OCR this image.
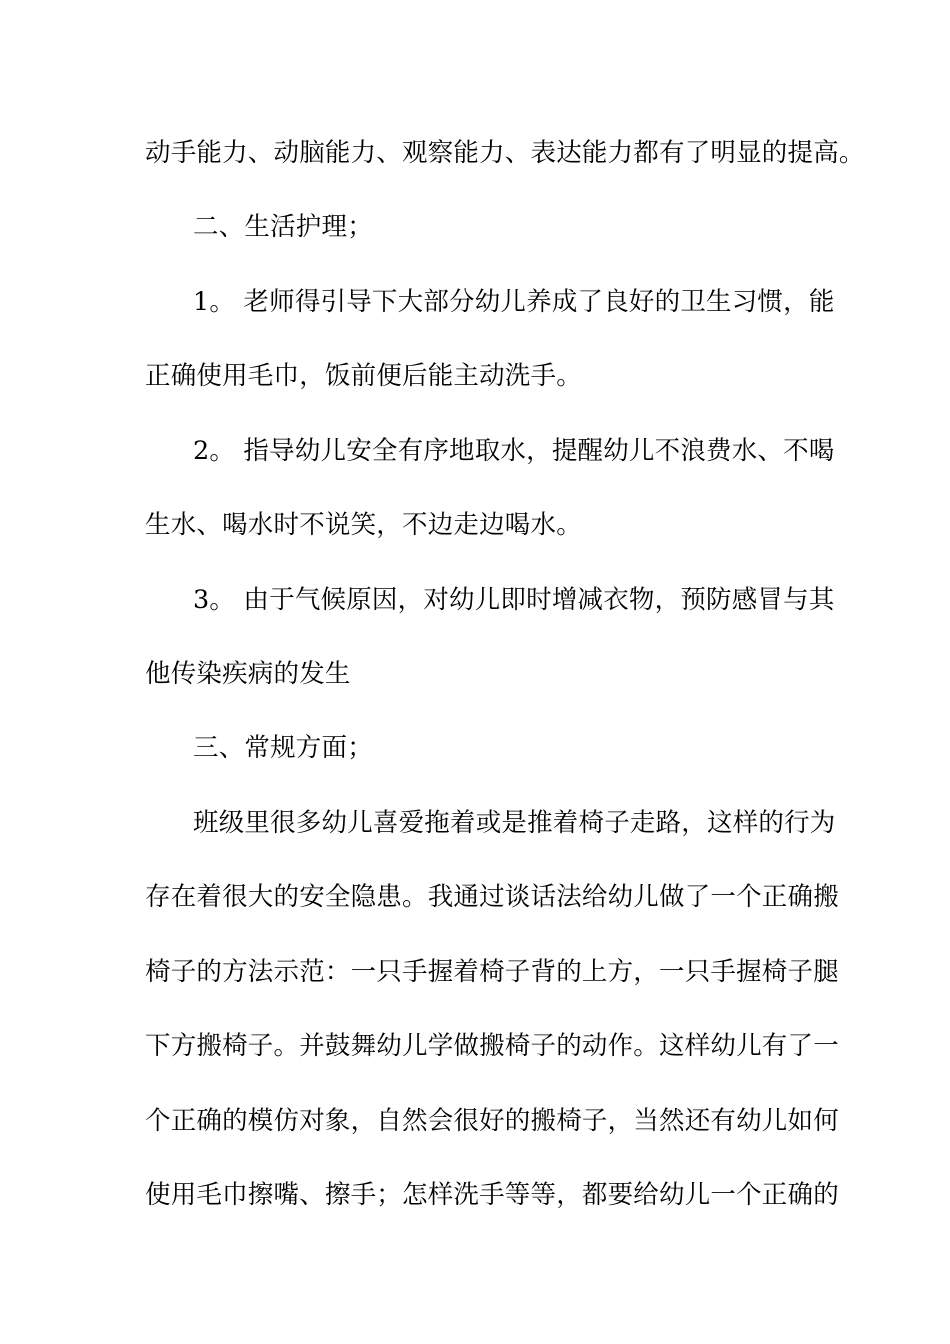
动手能力、动脑能力、观察能力、表达能力都有了明显的提高。
二、生活护理；
1。 老师得引导下大部分幼儿养成了良好的卫生习惯，能
正确使用毛巾，饭前便后能主动洗手。
2。 指导幼儿安全有序地取水，提醒幼儿不浪费水、不喝
生水、喝水时不说笑，不边走边喝水。
3。 由于气候原因，对幼儿即时增减衣物，预防感冒与其
他传染疾病的发生
三、常规方面；
班级里很多幼儿喜爱拖着或是推着椅子走路，这样的行为
存在着很大的安全隐患。我通过谈话法给幼儿做了一个正确搬
椅子的方法示范：一只手握着椅子背的上方，一只手握椅子腿
下方搬椅子。并鼓舞幼儿学做搬椅子的动作。这样幼儿有了一
个正确的模仿对象，自然会很好的搬椅子，当然还有幼儿如何
使用毛巾擦嘴、擦手；怎样洗手等等，都要给幼儿一个正确的
